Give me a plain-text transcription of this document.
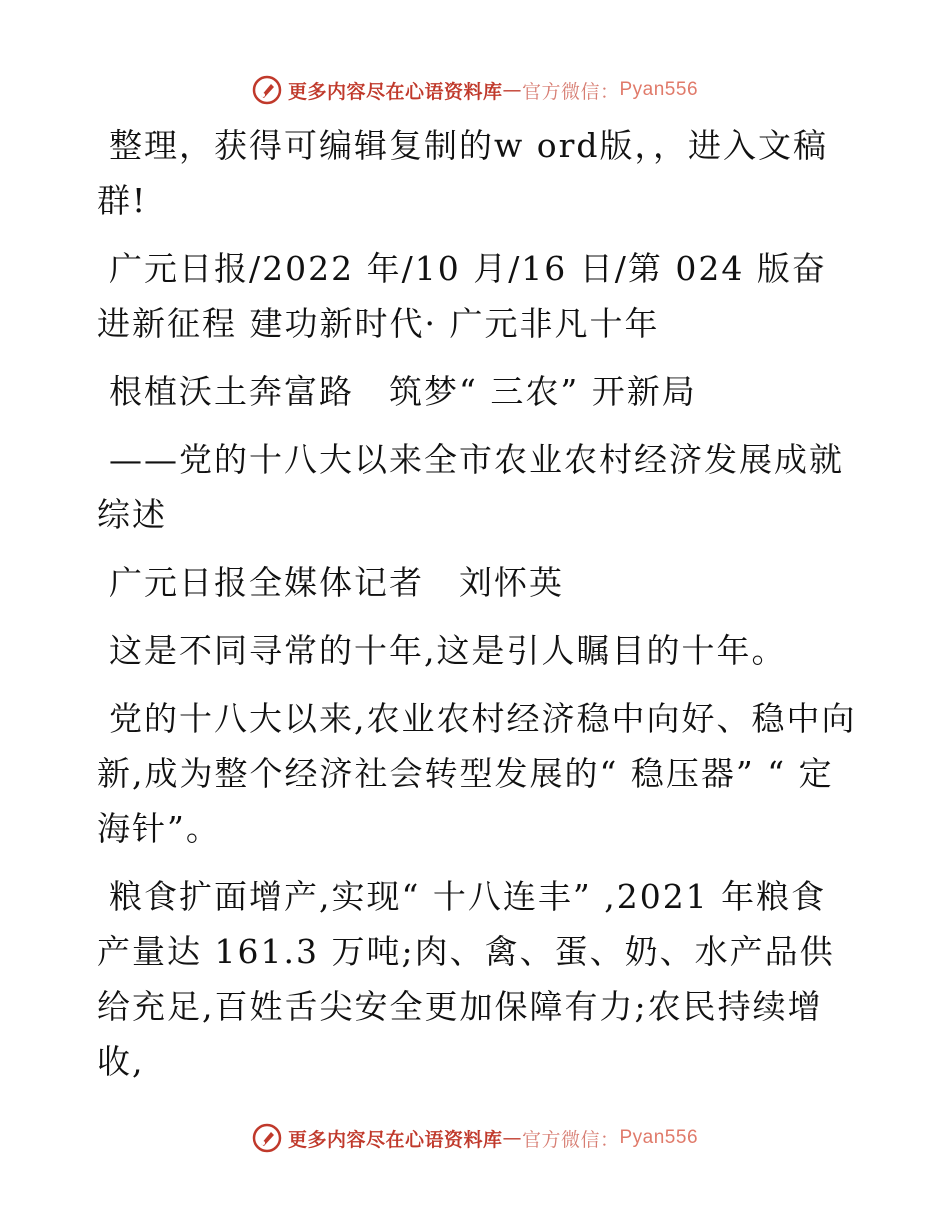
更多内容尽在心语资料库 — 官方微信： Pyan556

整理，获得可编辑复制的w ord版，，进入文稿群!

广元日报/2022 年/10 月/16 日/第 024 版奋进新征程 建功新时代· 广元非凡十年

根植沃土奔富路　筑梦“ 三农” 开新局

——党的十八大以来全市农业农村经济发展成就综述

广元日报全媒体记者　刘怀英

这是不同寻常的十年,这是引人瞩目的十年。

党的十八大以来,农业农村经济稳中向好、稳中向新,成为整个经济社会转型发展的“ 稳压器” “ 定海针”。

粮食扩面增产,实现“ 十八连丰” ,2021 年粮食产量达 161.3 万吨;肉、禽、蛋、奶、水产品供给充足,百姓舌尖安全更加保障有力;农民持续增收,

更多内容尽在心语资料库 — 官方微信： Pyan556
